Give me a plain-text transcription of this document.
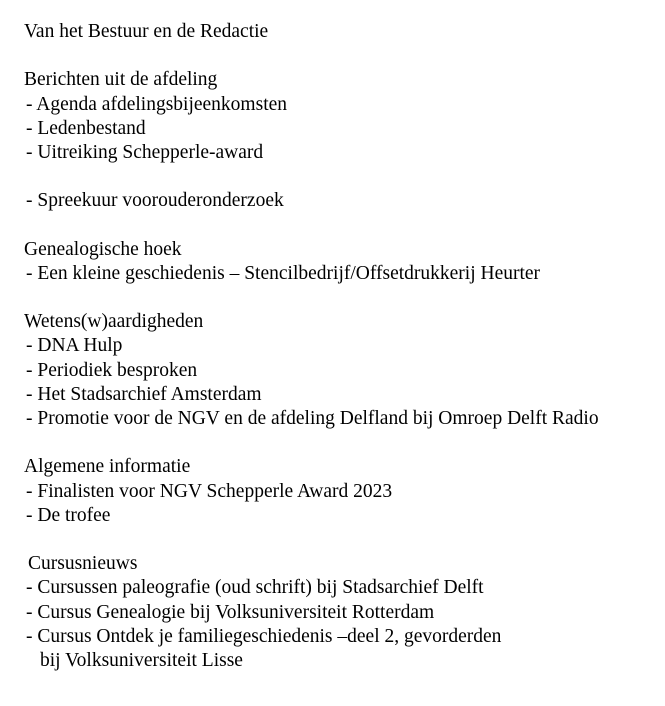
Van het Bestuur en de Redactie
Berichten uit de afdeling
- Agenda afdelingsbijeenkomsten
- Ledenbestand
- Uitreiking Schepperle-award
- Spreekuur voorouderonderzoek
Genealogische hoek
- Een kleine geschiedenis – Stencilbedrijf/Offsetdrukkerij Heurter
Wetens(w)aardigheden
- DNA Hulp
- Periodiek besproken
- Het Stadsarchief Amsterdam
- Promotie voor de NGV en de afdeling Delfland bij Omroep Delft Radio
Algemene informatie
- Finalisten voor NGV Schepperle Award 2023
- De trofee
Cursusnieuws
- Cursussen paleografie (oud schrift) bij Stadsarchief Delft
- Cursus Genealogie bij Volksuniversiteit Rotterdam
- Cursus Ontdek je familiegeschiedenis –deel 2, gevorderden
bij Volksuniversiteit Lisse
